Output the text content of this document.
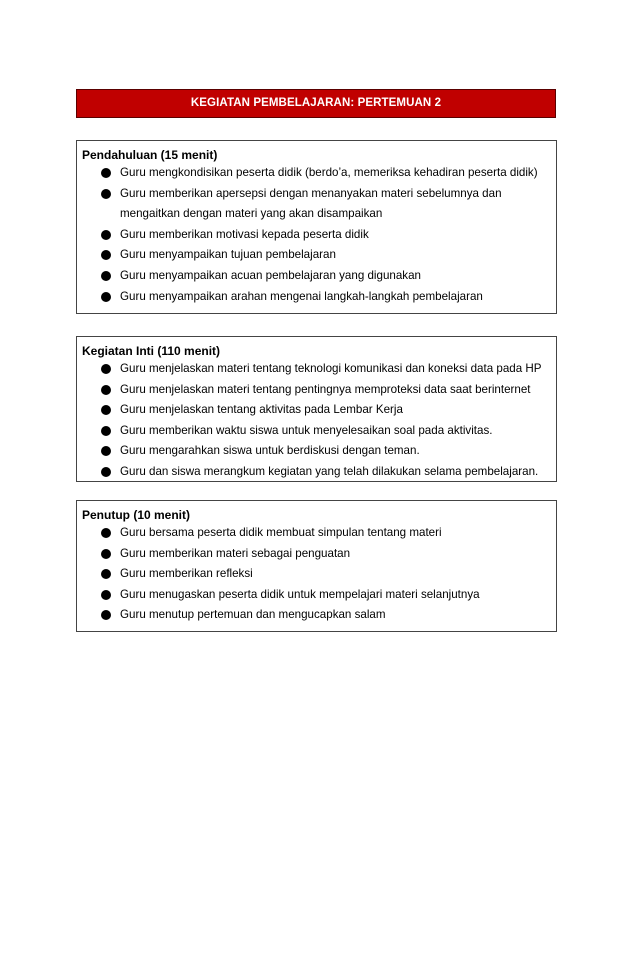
KEGIATAN PEMBELAJARAN: PERTEMUAN 2
Pendahuluan (15 menit)
Guru mengkondisikan peserta didik (berdo’a, memeriksa kehadiran peserta didik)
Guru memberikan apersepsi dengan menanyakan materi sebelumnya dan
mengaitkan dengan materi yang akan disampaikan
Guru memberikan motivasi kepada peserta didik
Guru menyampaikan tujuan pembelajaran
Guru menyampaikan acuan pembelajaran yang digunakan
Guru menyampaikan arahan mengenai langkah-langkah pembelajaran
Kegiatan Inti (110 menit)
Guru menjelaskan materi tentang teknologi komunikasi dan koneksi data pada HP
Guru menjelaskan materi tentang pentingnya memproteksi data saat berinternet
Guru menjelaskan tentang aktivitas pada Lembar Kerja
Guru memberikan waktu siswa untuk menyelesaikan soal pada aktivitas.
Guru mengarahkan siswa untuk berdiskusi dengan teman.
Guru dan siswa merangkum kegiatan yang telah dilakukan selama pembelajaran.
Penutup (10 menit)
Guru bersama peserta didik membuat simpulan tentang materi
Guru memberikan materi sebagai penguatan
Guru memberikan refleksi
Guru menugaskan peserta didik untuk mempelajari materi selanjutnya
Guru menutup pertemuan dan mengucapkan salam
